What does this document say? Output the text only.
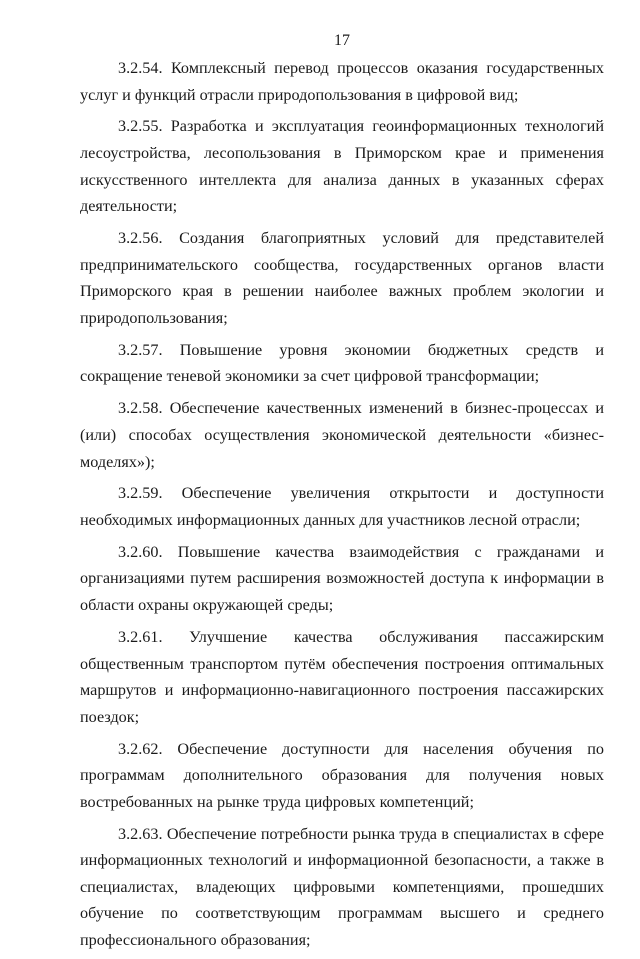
17

3.2.54. Комплексный перевод процессов оказания государственных услуг и функций отрасли природопользования в цифровой вид;

3.2.55. Разработка и эксплуатация геоинформационных технологий лесоустройства, лесопользования в Приморском крае и применения искусственного интеллекта для анализа данных в указанных сферах деятельности;

3.2.56. Создания благоприятных условий для представителей предпринимательского сообщества, государственных органов власти Приморского края в решении наиболее важных проблем экологии и природопользования;

3.2.57. Повышение уровня экономии бюджетных средств и сокращение теневой экономики за счет цифровой трансформации;

3.2.58. Обеспечение качественных изменений в бизнес-процессах и (или) способах осуществления экономической деятельности «бизнес-моделях»);

3.2.59. Обеспечение увеличения открытости и доступности необходимых информационных данных для участников лесной отрасли;

3.2.60. Повышение качества взаимодействия с гражданами и организациями путем расширения возможностей доступа к информации в области охраны окружающей среды;

3.2.61. Улучшение качества обслуживания пассажирским общественным транспортом путём обеспечения построения оптимальных маршрутов и информационно-навигационного построения пассажирских поездок;

3.2.62. Обеспечение доступности для населения обучения по программам дополнительного образования для получения новых востребованных на рынке труда цифровых компетенций;

3.2.63. Обеспечение потребности рынка труда в специалистах в сфере информационных технологий и информационной безопасности, а также в специалистах, владеющих цифровыми компетенциями, прошедших обучение по соответствующим программам высшего и среднего профессионального образования;
